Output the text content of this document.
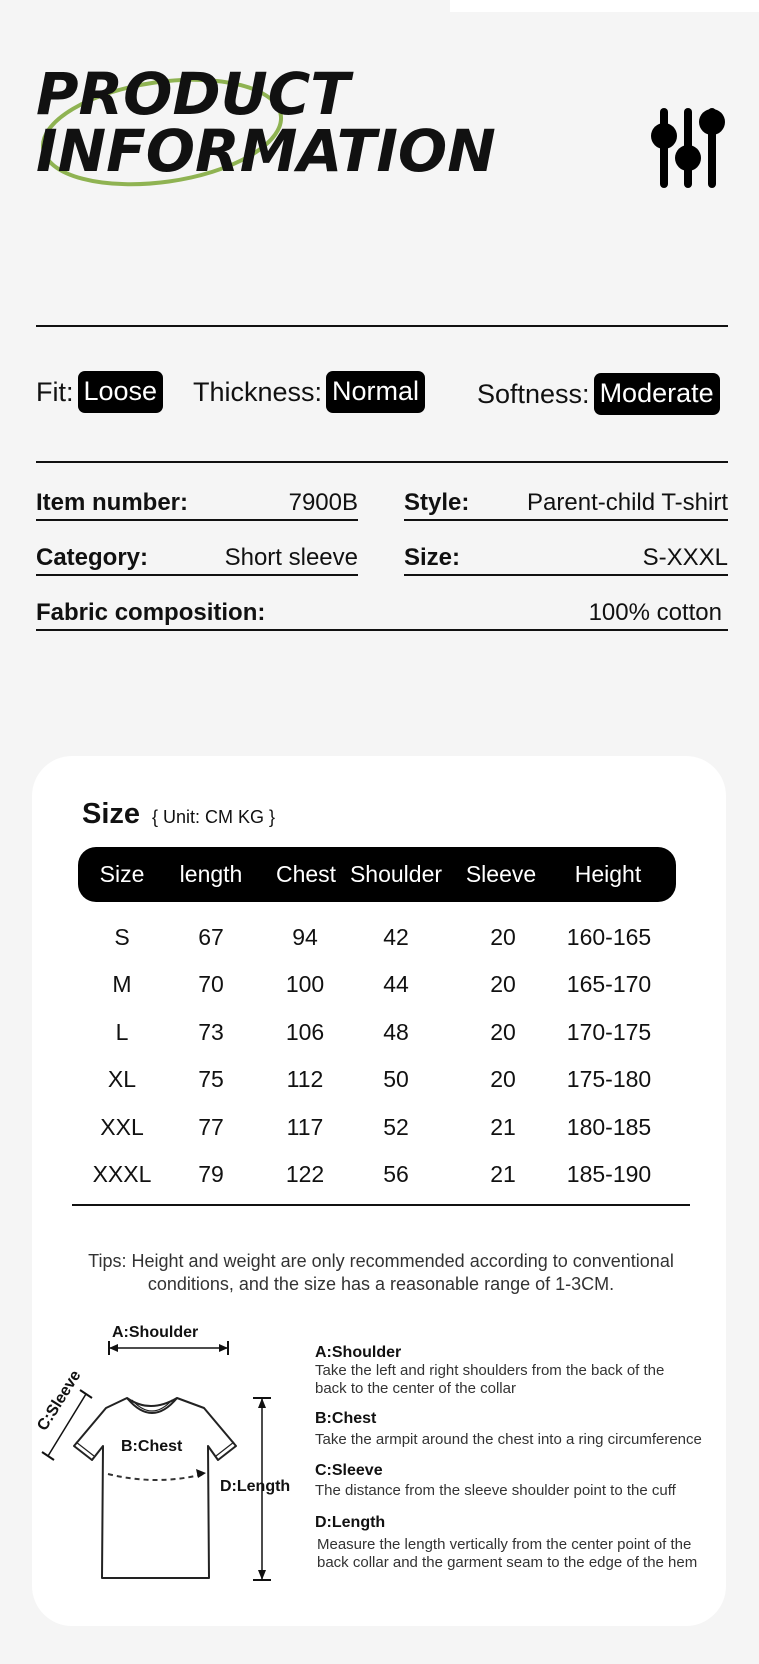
PRODUCT
INFORMATION
Fit: Loose Thickness: Normal Softness: Moderate
Item number:	7900B Style: Parent-child T-shirt
Category:	Short sleeve Size:	S-XXXL
Fabric composition:	100% cotton
Size { Unit: CM KG }
Size length Chest Shoulder Sleeve Height
S	67	94	42	20 160-165
M	70	100	44	20 165-170
L	73	106	48	20 170-175
XL	75	112	50	20 175-180
XXL 77	117	52	21 180-185
XXXL 79	122	56	21 185-190
Tips: Height and weight are only recommended according to conventional conditions, and the size has a reasonable range of 1-3CM.
A:Shoulder
C:Sleeve
B:Chest
D:Length
A:Shoulder
Take the left and right shoulders from the back of the back to the center of the collar
B:Chest
Take the armpit around the chest into a ring circumference
C:Sleeve
The distance from the sleeve shoulder point to the cuff
D:Length
Measure the length vertically from the center point of the back collar and the garment seam to the edge of the hem
